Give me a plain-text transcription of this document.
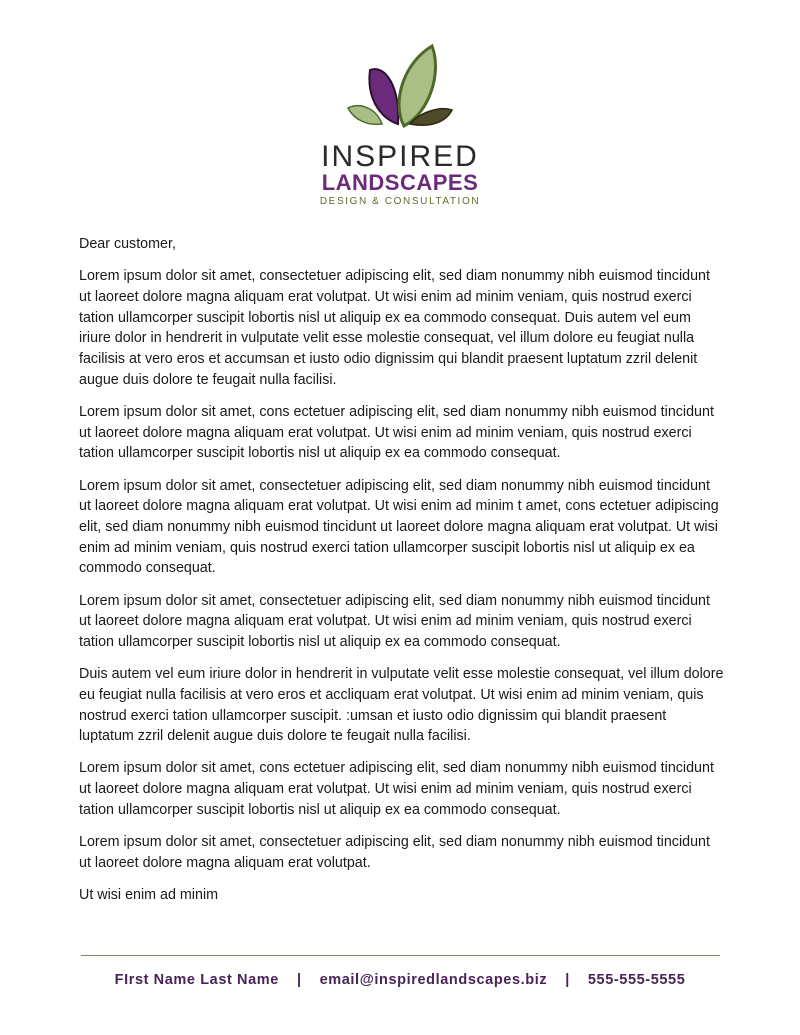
INSPIRED
LANDSCAPES
DESIGN & CONSULTATION

Dear customer,

Lorem ipsum dolor sit amet, consectetuer adipiscing elit, sed diam nonummy nibh euismod tincidunt ut laoreet dolore magna aliquam erat volutpat. Ut wisi enim ad minim veniam, quis nostrud exerci tation ullamcorper suscipit lobortis nisl ut aliquip ex ea commodo consequat. Duis autem vel eum iriure dolor in hendrerit in vulputate velit esse molestie consequat, vel illum dolore eu feugiat nulla facilisis at vero eros et accumsan et iusto odio dignissim qui blandit praesent luptatum zzril delenit augue duis dolore te feugait nulla facilisi.

Lorem ipsum dolor sit amet, cons ectetuer adipiscing elit, sed diam nonummy nibh euismod tincidunt ut laoreet dolore magna aliquam erat volutpat. Ut wisi enim ad minim veniam, quis nostrud exerci tation ullamcorper suscipit lobortis nisl ut aliquip ex ea commodo consequat.

Lorem ipsum dolor sit amet, consectetuer adipiscing elit, sed diam nonummy nibh euismod tincidunt ut laoreet dolore magna aliquam erat volutpat. Ut wisi enim ad minim t amet, cons ectetuer adipiscing elit, sed diam nonummy nibh euismod tincidunt ut laoreet dolore magna aliquam erat volutpat. Ut wisi enim ad minim veniam, quis nostrud exerci tation ullamcorper suscipit lobortis nisl ut aliquip ex ea commodo consequat.

Lorem ipsum dolor sit amet, consectetuer adipiscing elit, sed diam nonummy nibh euismod tincidunt ut laoreet dolore magna aliquam erat volutpat. Ut wisi enim ad minim veniam, quis nostrud exerci tation ullamcorper suscipit lobortis nisl ut aliquip ex ea commodo consequat.

Duis autem vel eum iriure dolor in hendrerit in vulputate velit esse molestie consequat, vel illum dolore eu feugiat nulla facilisis at vero eros et accliquam erat volutpat. Ut wisi enim ad minim veniam, quis nostrud exerci tation ullamcorper suscipit. :umsan et iusto odio dignissim qui blandit praesent luptatum zzril delenit augue duis dolore te feugait nulla facilisi.

Lorem ipsum dolor sit amet, cons ectetuer adipiscing elit, sed diam nonummy nibh euismod tincidunt ut laoreet dolore magna aliquam erat volutpat. Ut wisi enim ad minim veniam, quis nostrud exerci tation ullamcorper suscipit lobortis nisl ut aliquip ex ea commodo consequat.

Lorem ipsum dolor sit amet, consectetuer adipiscing elit, sed diam nonummy nibh euismod tincidunt ut laoreet dolore magna aliquam erat volutpat.

Ut wisi enim ad minim

FIrst Name Last Name | email@inspiredlandscapes.biz | 555-555-5555
